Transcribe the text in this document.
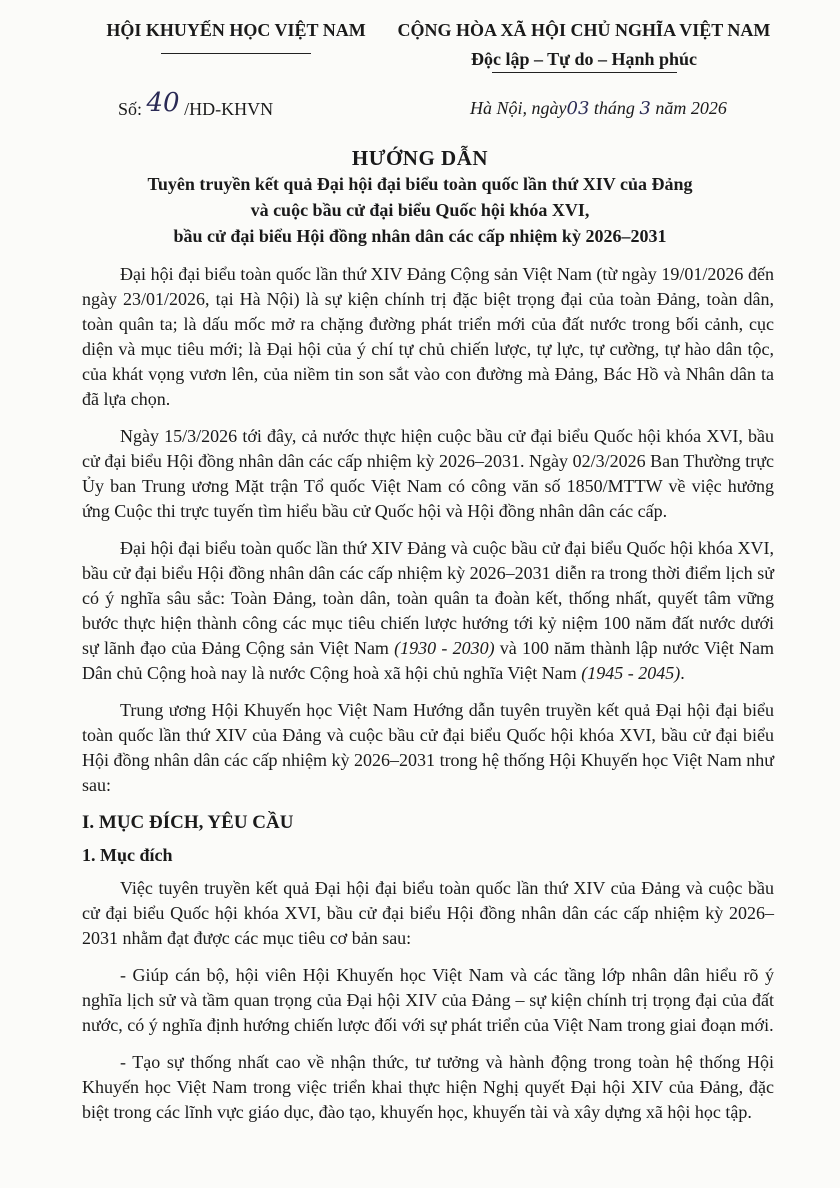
HỘI KHUYẾN HỌC VIỆT NAM	CỘNG HÒA XÃ HỘI CHỦ NGHĨA VIỆT NAM
Độc lập – Tự do – Hạnh phúc
Số: 40 /HD-KHVN	Hà Nội, ngày03 tháng 3 năm 2026
HƯỚNG DẪN
Tuyên truyền kết quả Đại hội đại biểu toàn quốc lần thứ XIV của Đảng
và cuộc bầu cử đại biểu Quốc hội khóa XVI,
bầu cử đại biểu Hội đồng nhân dân các cấp nhiệm kỳ 2026–2031

Đại hội đại biểu toàn quốc lần thứ XIV Đảng Cộng sản Việt Nam (từ ngày 19/01/2026 đến ngày 23/01/2026, tại Hà Nội) là sự kiện chính trị đặc biệt trọng đại của toàn Đảng, toàn dân, toàn quân ta; là dấu mốc mở ra chặng đường phát triển mới của đất nước trong bối cảnh, cục diện và mục tiêu mới; là Đại hội của ý chí tự chủ chiến lược, tự lực, tự cường, tự hào dân tộc, của khát vọng vươn lên, của niềm tin son sắt vào con đường mà Đảng, Bác Hồ và Nhân dân ta đã lựa chọn.

Ngày 15/3/2026 tới đây, cả nước thực hiện cuộc bầu cử đại biểu Quốc hội khóa XVI, bầu cử đại biểu Hội đồng nhân dân các cấp nhiệm kỳ 2026–2031. Ngày 02/3/2026 Ban Thường trực Ủy ban Trung ương Mặt trận Tổ quốc Việt Nam có công văn số 1850/MTTW về việc hưởng ứng Cuộc thi trực tuyến tìm hiểu bầu cử Quốc hội và Hội đồng nhân dân các cấp.

Đại hội đại biểu toàn quốc lần thứ XIV Đảng và cuộc bầu cử đại biểu Quốc hội khóa XVI, bầu cử đại biểu Hội đồng nhân dân các cấp nhiệm kỳ 2026–2031 diễn ra trong thời điểm lịch sử có ý nghĩa sâu sắc: Toàn Đảng, toàn dân, toàn quân ta đoàn kết, thống nhất, quyết tâm vững bước thực hiện thành công các mục tiêu chiến lược hướng tới kỷ niệm 100 năm đất nước dưới sự lãnh đạo của Đảng Cộng sản Việt Nam (1930 - 2030) và 100 năm thành lập nước Việt Nam Dân chủ Cộng hoà nay là nước Cộng hoà xã hội chủ nghĩa Việt Nam (1945 - 2045).

Trung ương Hội Khuyến học Việt Nam Hướng dẫn tuyên truyền kết quả Đại hội đại biểu toàn quốc lần thứ XIV của Đảng và cuộc bầu cử đại biểu Quốc hội khóa XVI, bầu cử đại biểu Hội đồng nhân dân các cấp nhiệm kỳ 2026–2031 trong hệ thống Hội Khuyến học Việt Nam như sau:

I. MỤC ĐÍCH, YÊU CẦU

1. Mục đích

Việc tuyên truyền kết quả Đại hội đại biểu toàn quốc lần thứ XIV của Đảng và cuộc bầu cử đại biểu Quốc hội khóa XVI, bầu cử đại biểu Hội đồng nhân dân các cấp nhiệm kỳ 2026–2031 nhằm đạt được các mục tiêu cơ bản sau:

- Giúp cán bộ, hội viên Hội Khuyến học Việt Nam và các tầng lớp nhân dân hiểu rõ ý nghĩa lịch sử và tầm quan trọng của Đại hội XIV của Đảng – sự kiện chính trị trọng đại của đất nước, có ý nghĩa định hướng chiến lược đối với sự phát triển của Việt Nam trong giai đoạn mới.

- Tạo sự thống nhất cao về nhận thức, tư tưởng và hành động trong toàn hệ thống Hội Khuyến học Việt Nam trong việc triển khai thực hiện Nghị quyết Đại hội XIV của Đảng, đặc biệt trong các lĩnh vực giáo dục, đào tạo, khuyến học, khuyến tài và xây dựng xã hội học tập.
